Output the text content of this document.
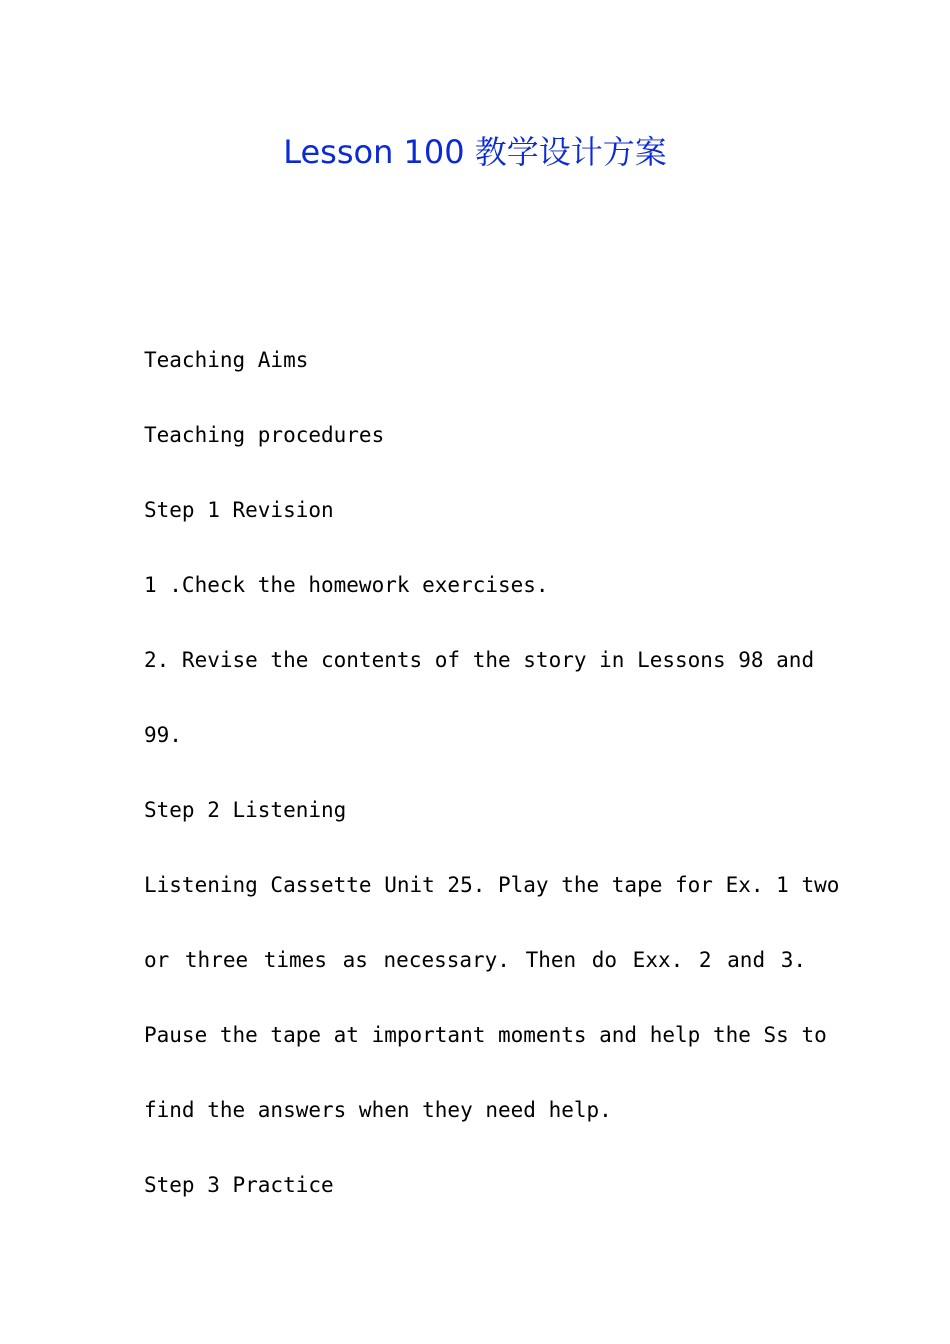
Lesson 100 教学设计方案

Teaching Aims

Teaching procedures

Step 1 Revision

1 .Check the homework exercises.

2. Revise the contents of the story in Lessons 98 and

99.

Step 2 Listening

Listening Cassette Unit 25. Play the tape for Ex. 1 two

or three times as necessary. Then do Exx. 2 and 3.

Pause the tape at important moments and help the Ss to

find the answers when they need help.

Step 3 Practice
